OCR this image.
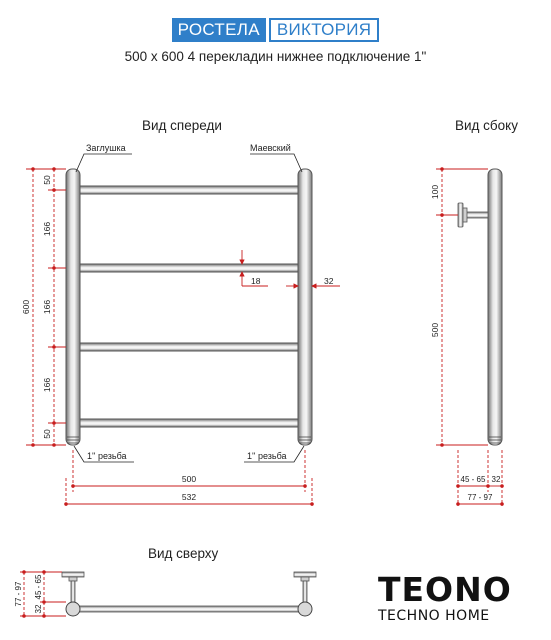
РОСТЕЛА	ВИКТОРИЯ
500 х 600 4 перекладин нижнее подключение 1"
Вид спереди	Вид сбоку
Вид сверху
Заглушка	Маевский
1'' резьба	1'' резьба
50
166
166
166
50
600
18	32
500
532
100
500
45 - 65 32
77 - 97
77 - 97 45 - 65
32	TEONO
TECHNO HOME
